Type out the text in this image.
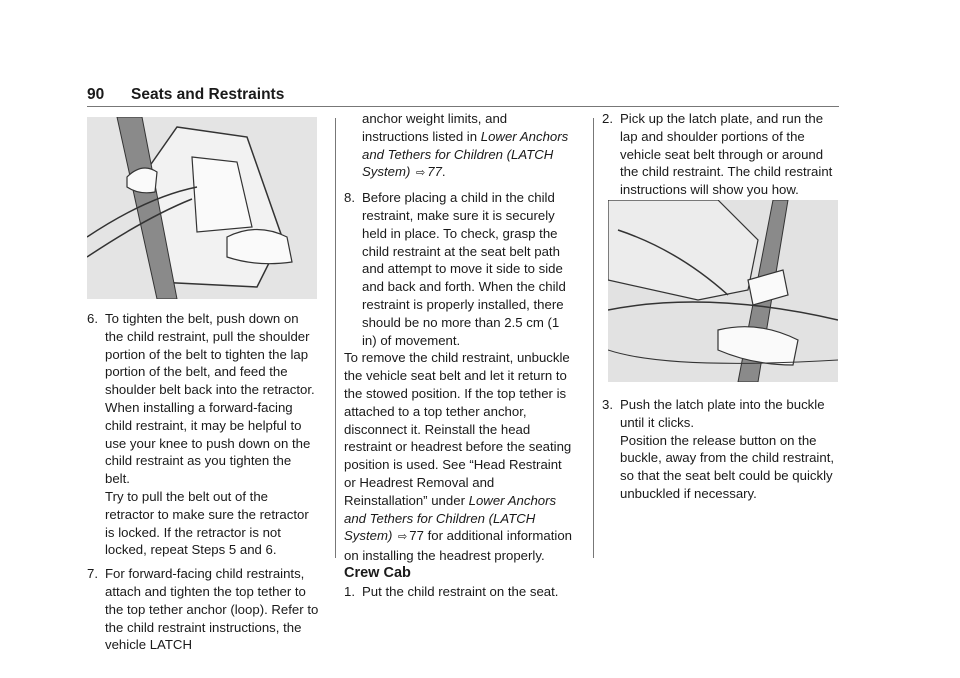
90 Seats and Restraints

6. To tighten the belt, push down on the child restraint, pull the shoulder portion of the belt to tighten the lap portion of the belt, and feed the shoulder belt back into the retractor. When installing a forward-facing child restraint, it may be helpful to use your knee to push down on the child restraint as you tighten the belt.

Try to pull the belt out of the retractor to make sure the retractor is locked. If the retractor is not locked, repeat Steps 5 and 6.

7. For forward-facing child restraints, attach and tighten the top tether to the top tether anchor (loop). Refer to the child restraint instructions, the vehicle LATCH

anchor weight limits, and instructions listed in Lower Anchors and Tethers for Children (LATCH System) ⇨ 77.

8. Before placing a child in the child restraint, make sure it is securely held in place. To check, grasp the child restraint at the seat belt path and attempt to move it side to side and back and forth. When the child restraint is properly installed, there should be no more than 2.5 cm (1 in) of movement.

To remove the child restraint, unbuckle the vehicle seat belt and let it return to the stowed position. If the top tether is attached to a top tether anchor, disconnect it. Reinstall the head restraint or headrest before the seating position is used. See “Head Restraint or Headrest Removal and Reinstallation” under Lower Anchors and Tethers for Children (LATCH System) ⇨ 77 for additional information on installing the headrest properly.

Crew Cab

1. Put the child restraint on the seat.

2. Pick up the latch plate, and run the lap and shoulder portions of the vehicle seat belt through or around the child restraint. The child restraint instructions will show you how.

3. Push the latch plate into the buckle until it clicks.

Position the release button on the buckle, away from the child restraint, so that the seat belt could be quickly unbuckled if necessary.
